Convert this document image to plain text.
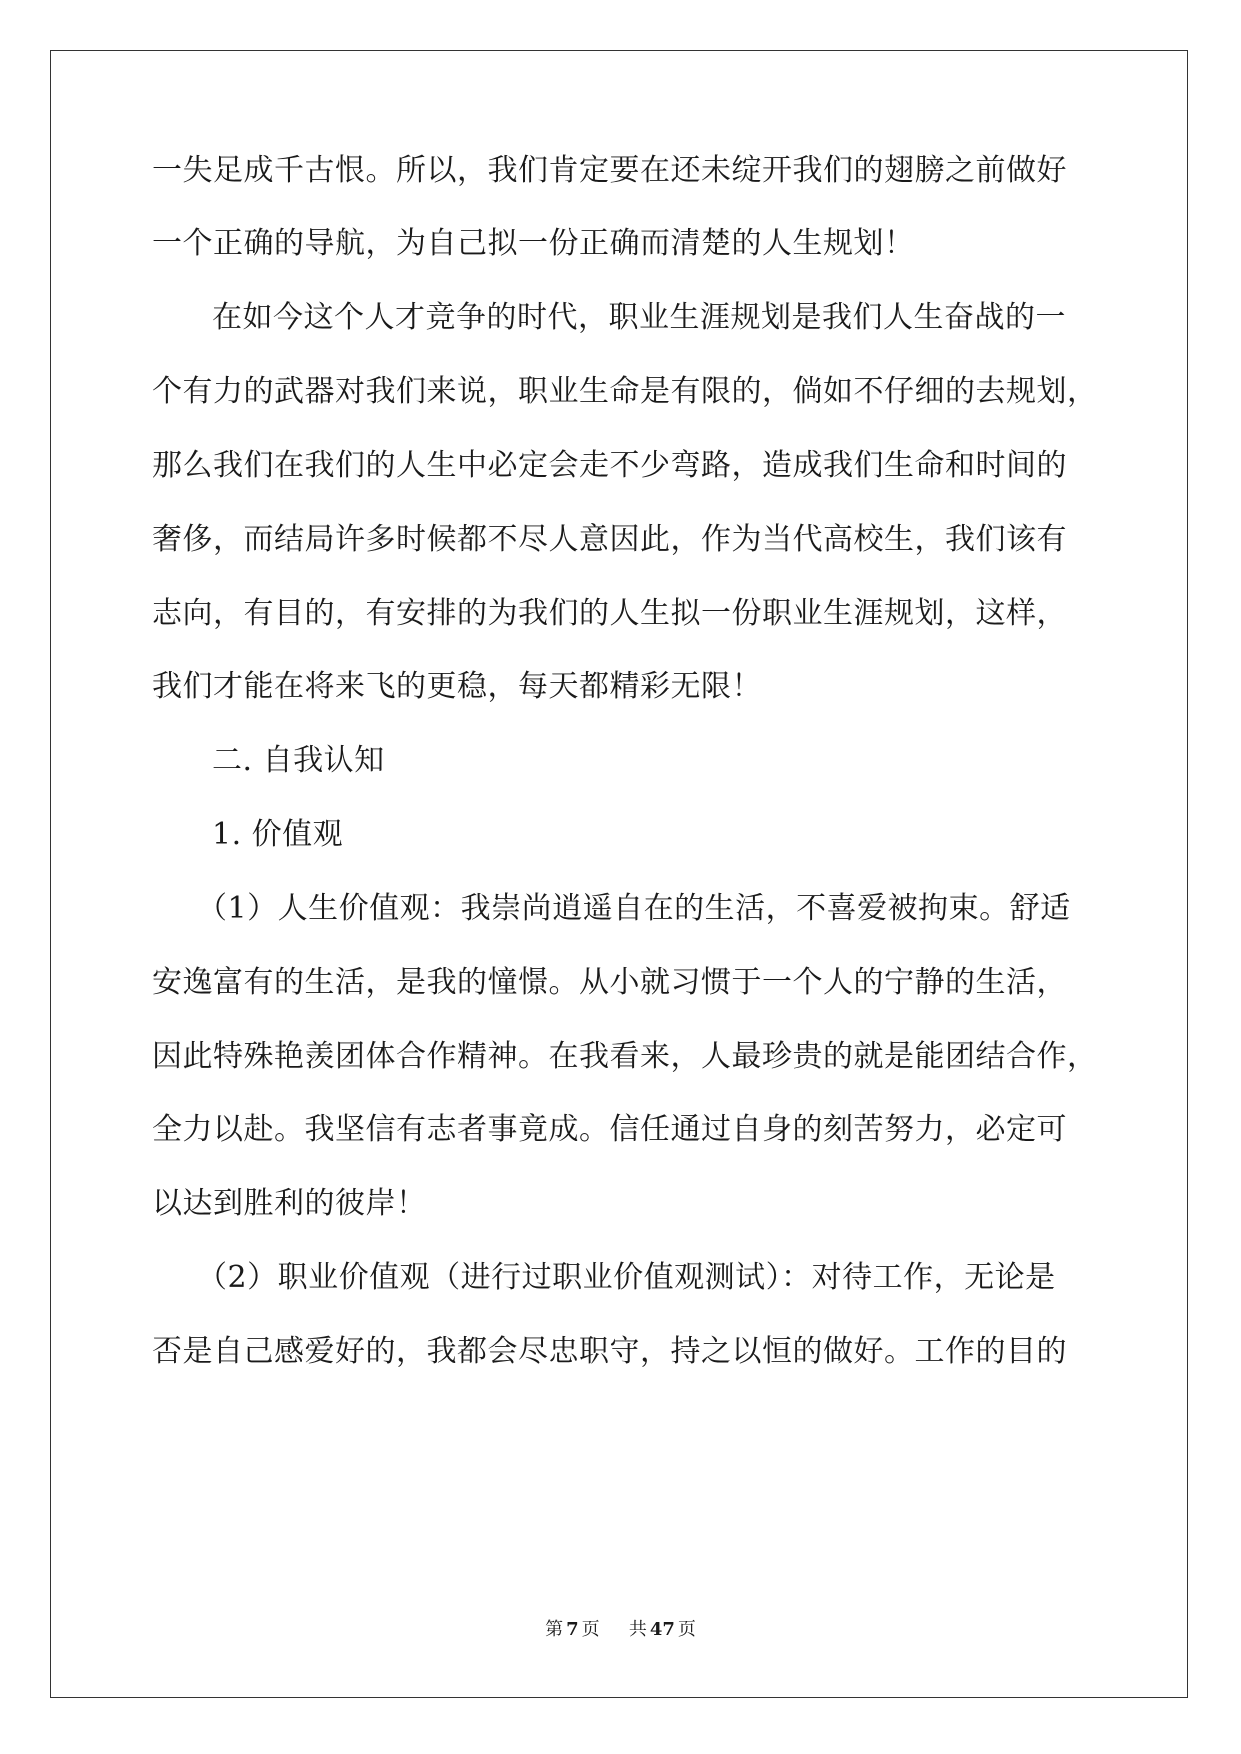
一失足成千古恨。所以，我们肯定要在还未绽开我们的翅膀之前做好
一个正确的导航，为自己拟一份正确而清楚的人生规划！
在如今这个人才竞争的时代，职业生涯规划是我们人生奋战的一
个有力的武器对我们来说，职业生命是有限的，倘如不仔细的去规划，
那么我们在我们的人生中必定会走不少弯路，造成我们生命和时间的
奢侈，而结局许多时候都不尽人意因此，作为当代高校生，我们该有
志向，有目的，有安排的为我们的人生拟一份职业生涯规划，这样，
我们才能在将来飞的更稳，每天都精彩无限！
二. 自我认知
1. 价值观
（1）人生价值观：我崇尚逍遥自在的生活，不喜爱被拘束。舒适
安逸富有的生活，是我的憧憬。从小就习惯于一个人的宁静的生活，
因此特殊艳羡团体合作精神。在我看来，人最珍贵的就是能团结合作，
全力以赴。我坚信有志者事竟成。信任通过自身的刻苦努力，必定可
以达到胜利的彼岸！
（2）职业价值观（进行过职业价值观测试）：对待工作，无论是
否是自己感爱好的，我都会尽忠职守，持之以恒的做好。工作的目的
第 7 页 共 47 页
